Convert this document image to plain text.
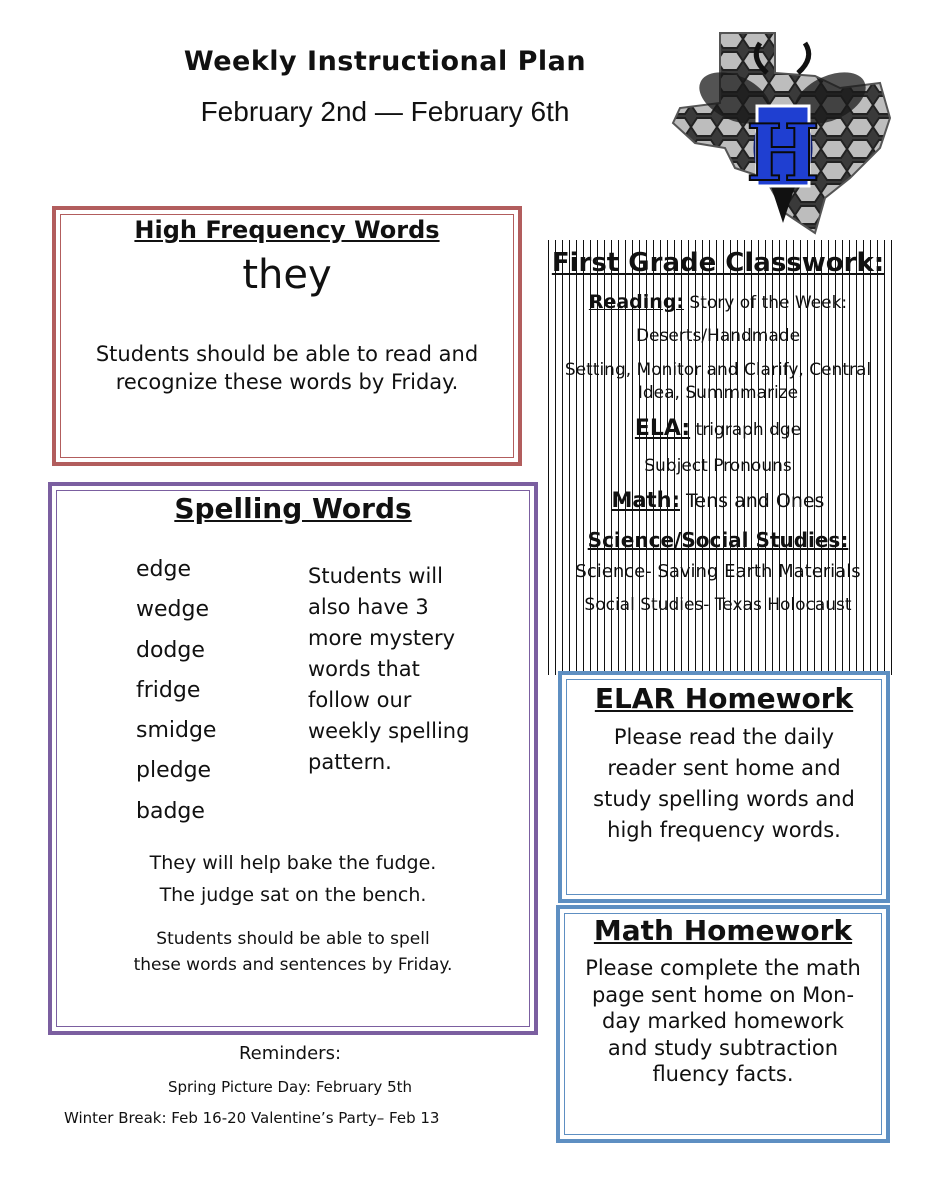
Weekly Instructional Plan
February 2nd — February 6th	H
High Frequency Words
they
Students should be able to read and
recognize these words by Friday.
Spelling Words
edge
wedge
dodge
fridge
smidge
pledge
badge
Students will
also have 3
more mystery
words that
follow our
weekly spelling
pattern.
They will help bake the fudge.
The judge sat on the bench.
Students should be able to spell
these words and sentences by Friday.
Reminders:
Spring Picture Day: February 5th
Winter Break: Feb 16-20 Valentine’s Party– Feb 13
First Grade Classwork:
Reading: Story of the Week:
Deserts/Handmade
Setting, Monitor and Clarify, Central
Idea, Summmarize
ELA: trigraph dge
Subject Pronouns
Math: Tens and Ones
Science/Social Studies:
Science- Saving Earth Materials
Social Studies- Texas Holocaust
ELAR Homework
Please read the daily
reader sent home and
study spelling words and
high frequency words.
Math Homework
Please complete the math
page sent home on Mon-
day marked homework
and study subtraction
fluency facts.
